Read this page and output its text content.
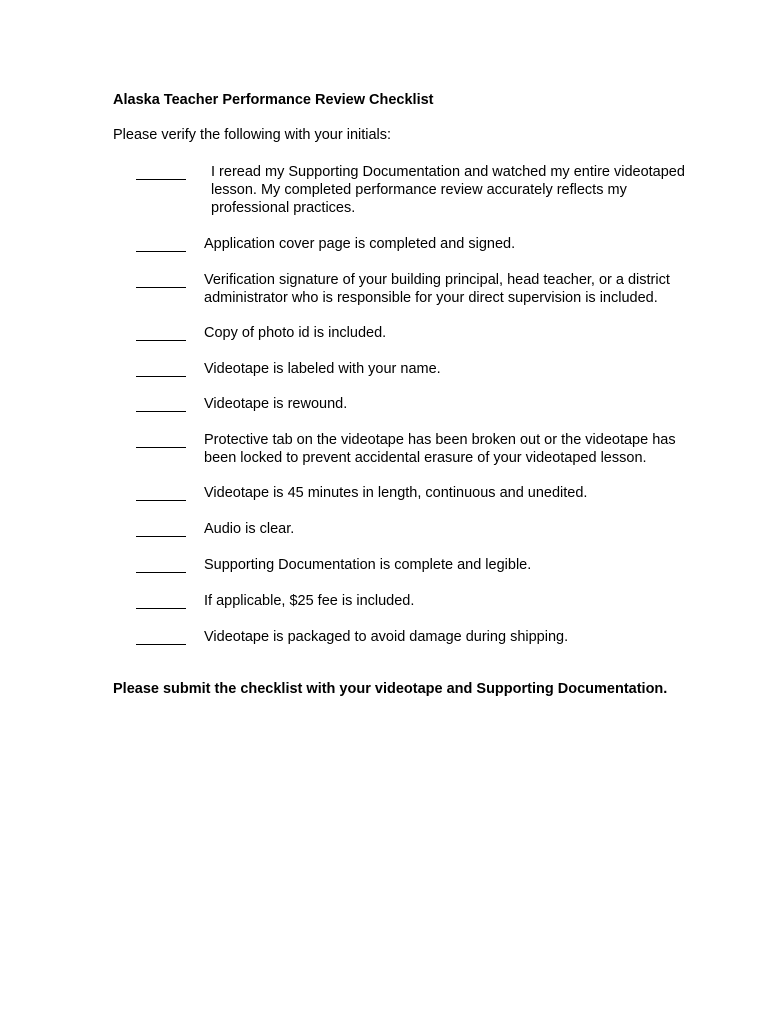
Alaska Teacher Performance Review Checklist
Please verify the following with your initials:
I reread my Supporting Documentation and watched my entire videotaped lesson. My completed performance review accurately reflects my professional practices.
Application cover page is completed and signed.
Verification signature of your building principal, head teacher, or a district administrator who is responsible for your direct supervision is included.
Copy of photo id is included.
Videotape is labeled with your name.
Videotape is rewound.
Protective tab on the videotape has been broken out or the videotape has been locked to prevent accidental erasure of your videotaped lesson.
Videotape is 45 minutes in length, continuous and unedited.
Audio is clear.
Supporting Documentation is complete and legible.
If applicable, $25 fee is included.
Videotape is packaged to avoid damage during shipping.
Please submit the checklist with your videotape and Supporting Documentation.
